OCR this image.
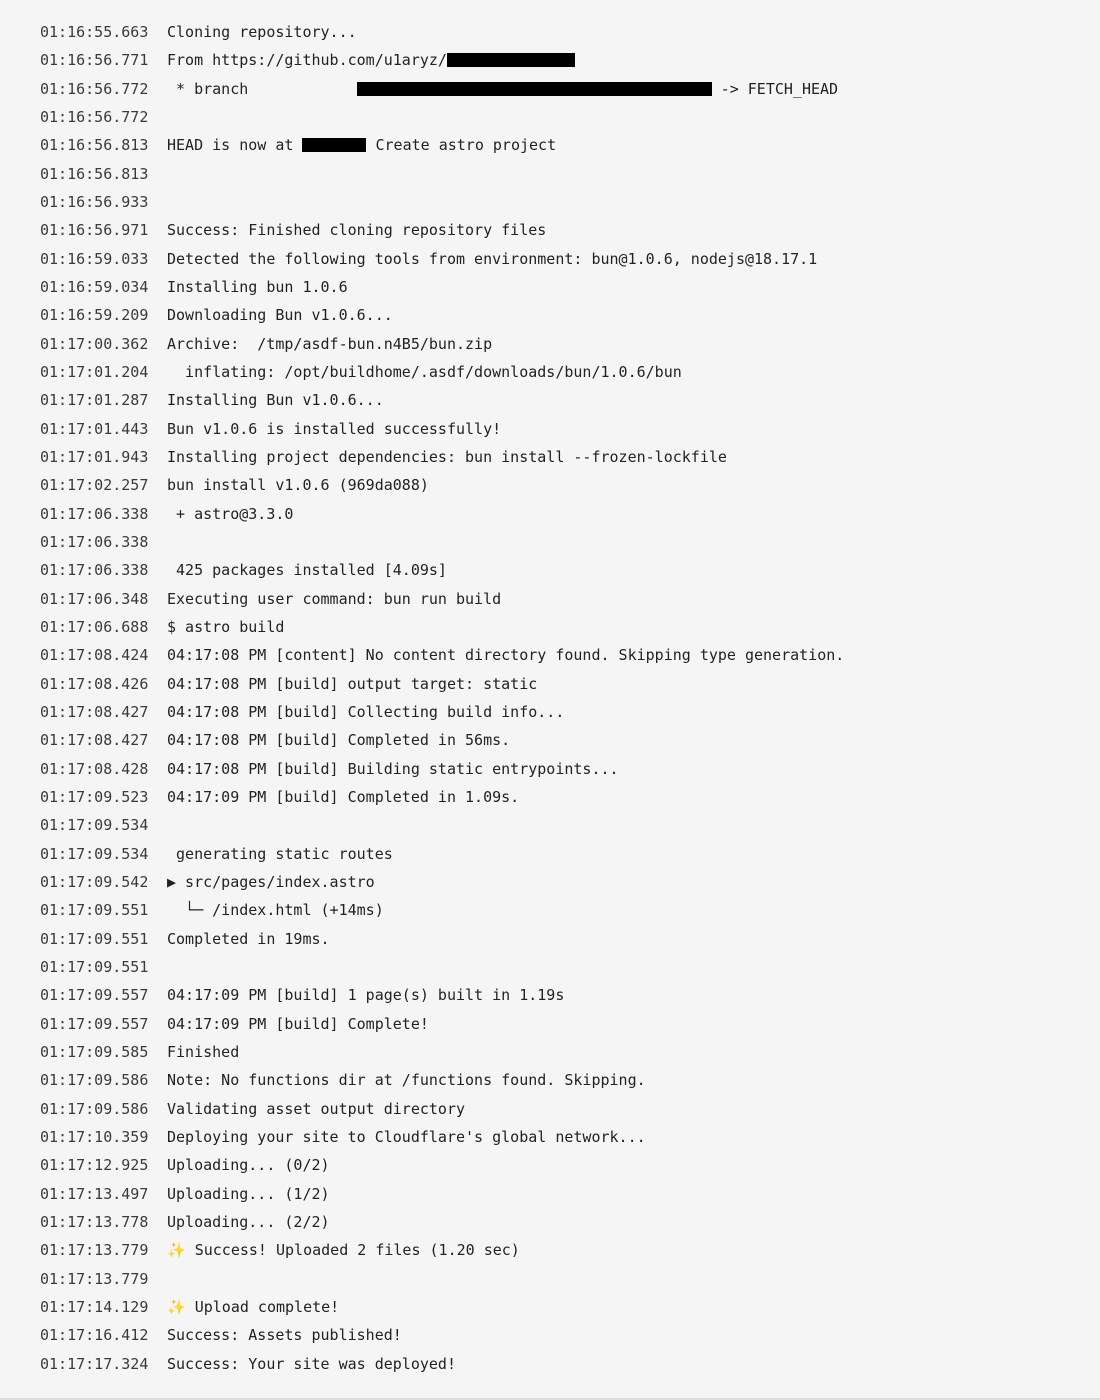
01:16:55.663	Cloning repository...
01:16:56.771	From https://github.com/u1aryz/
01:16:56.772	* branch	-> FETCH_HEAD
01:16:56.772
01:16:56.813	HEAD is now at	Create astro project
01:16:56.813
01:16:56.933
01:16:56.971	Success: Finished cloning repository files
01:16:59.033	Detected the following tools from environment: bun@1.0.6, nodejs@18.17.1
01:16:59.034	Installing bun 1.0.6
01:16:59.209	Downloading Bun v1.0.6...
01:17:00.362	Archive:  /tmp/asdf-bun.n4B5/bun.zip
01:17:01.204	inflating: /opt/buildhome/.asdf/downloads/bun/1.0.6/bun
01:17:01.287	Installing Bun v1.0.6...
01:17:01.443	Bun v1.0.6 is installed successfully!
01:17:01.943	Installing project dependencies: bun install --frozen-lockfile
01:17:02.257	bun install v1.0.6 (969da088)
01:17:06.338	+ astro@3.3.0
01:17:06.338
01:17:06.338	425 packages installed [4.09s]
01:17:06.348	Executing user command: bun run build
01:17:06.688	$ astro build
01:17:08.424	04:17:08 PM [content] No content directory found. Skipping type generation.
01:17:08.426	04:17:08 PM [build] output target: static
01:17:08.427	04:17:08 PM [build] Collecting build info...
01:17:08.427	04:17:08 PM [build] Completed in 56ms.
01:17:08.428	04:17:08 PM [build] Building static entrypoints...
01:17:09.523	04:17:09 PM [build] Completed in 1.09s.
01:17:09.534
01:17:09.534	generating static routes
01:17:09.542	▶ src/pages/index.astro
01:17:09.551	└─ /index.html (+14ms)
01:17:09.551	Completed in 19ms.
01:17:09.551
01:17:09.557	04:17:09 PM [build] 1 page(s) built in 1.19s
01:17:09.557	04:17:09 PM [build] Complete!
01:17:09.585	Finished
01:17:09.586	Note: No functions dir at /functions found. Skipping.
01:17:09.586	Validating asset output directory
01:17:10.359	Deploying your site to Cloudflare's global network...
01:17:12.925	Uploading... (0/2)
01:17:13.497	Uploading... (1/2)
01:17:13.778	Uploading... (2/2)
01:17:13.779	✨ Success! Uploaded 2 files (1.20 sec)
01:17:13.779
01:17:14.129	✨ Upload complete!
01:17:16.412	Success: Assets published!
01:17:17.324	Success: Your site was deployed!
